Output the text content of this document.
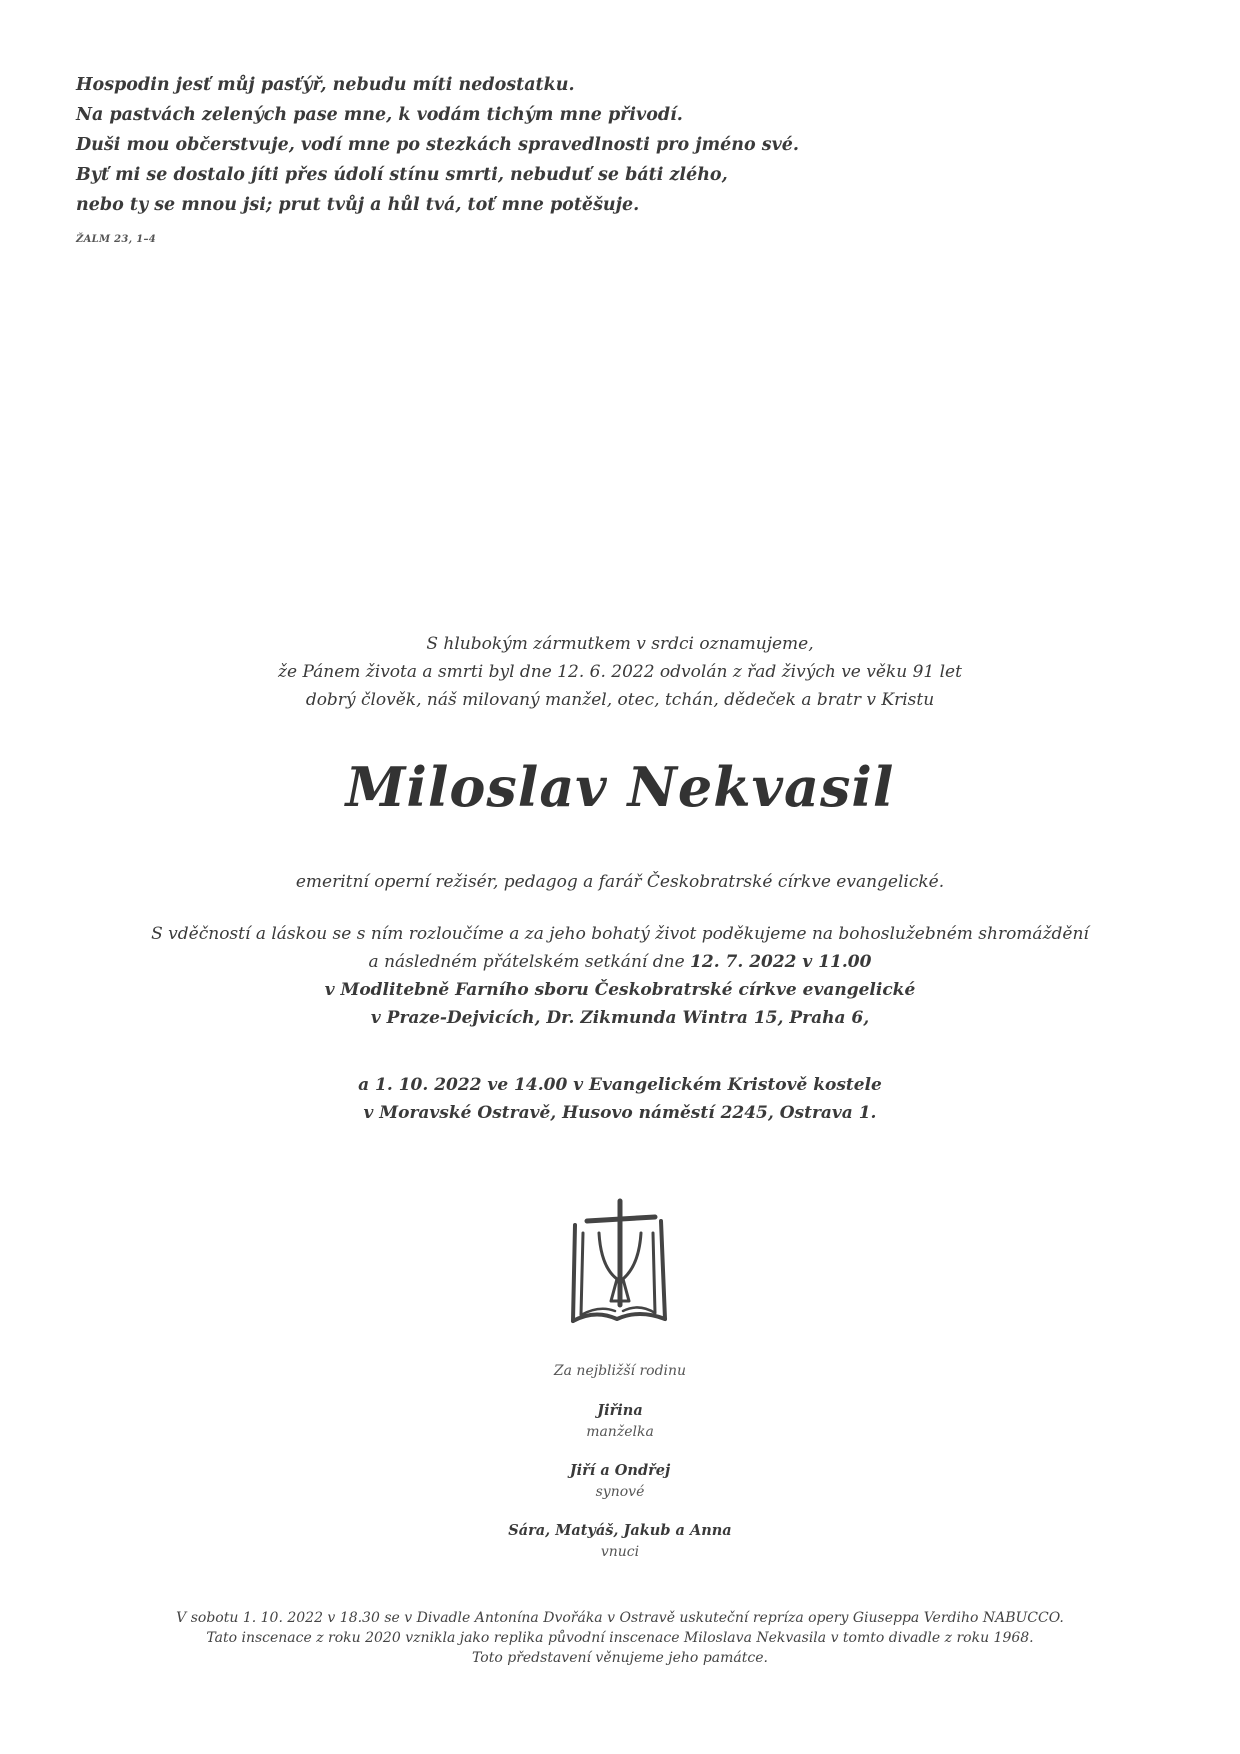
Hospodin jesť můj pasťýř, nebudu míti nedostatku.
Na pastvách zelených pase mne, k vodám tichým mne přivodí.
Duši mou občerstvuje, vodí mne po stezkách spravedlnosti pro jméno své.
Byť mi se dostalo jíti přes údolí stínu smrti, nebuduť se báti zlého,
nebo ty se mnou jsi; prut tvůj a hůl tvá, toť mne potěšuje.
ŽALM 23, 1–4
S hlubokým zármutkem v srdci oznamujeme,
že Pánem života a smrti byl dne 12. 6. 2022 odvolán z řad živých ve věku 91 let
dobrý člověk, náš milovaný manžel, otec, tchán, dědeček a bratr v Kristu
Miloslav Nekvasil
emeritní operní režisér, pedagog a farář Českobratrské církve evangelické.
S vděčností a láskou se s ním rozloučíme a za jeho bohatý život poděkujeme na bohoslužebném shromáždění
a následném přátelském setkání dne 12. 7. 2022 v 11.00
v Modlitebně Farního sboru Českobratrské církve evangelické
v Praze-Dejvicích, Dr. Zikmunda Wintra 15, Praha 6,
a 1. 10. 2022 ve 14.00 v Evangelickém Kristově kostele
v Moravské Ostravě, Husovo náměstí 2245, Ostrava 1.
Za nejbližší rodinu
Jiřina
manželka
Jiří a Ondřej
synové
Sára, Matyáš, Jakub a Anna
vnuci
V sobotu 1. 10. 2022 v 18.30 se v Divadle Antonína Dvořáka v Ostravě uskuteční repríza opery Giuseppa Verdiho NABUCCO.
Tato inscenace z roku 2020 vznikla jako replika původní inscenace Miloslava Nekvasila v tomto divadle z roku 1968.
Toto představení věnujeme jeho památce.
